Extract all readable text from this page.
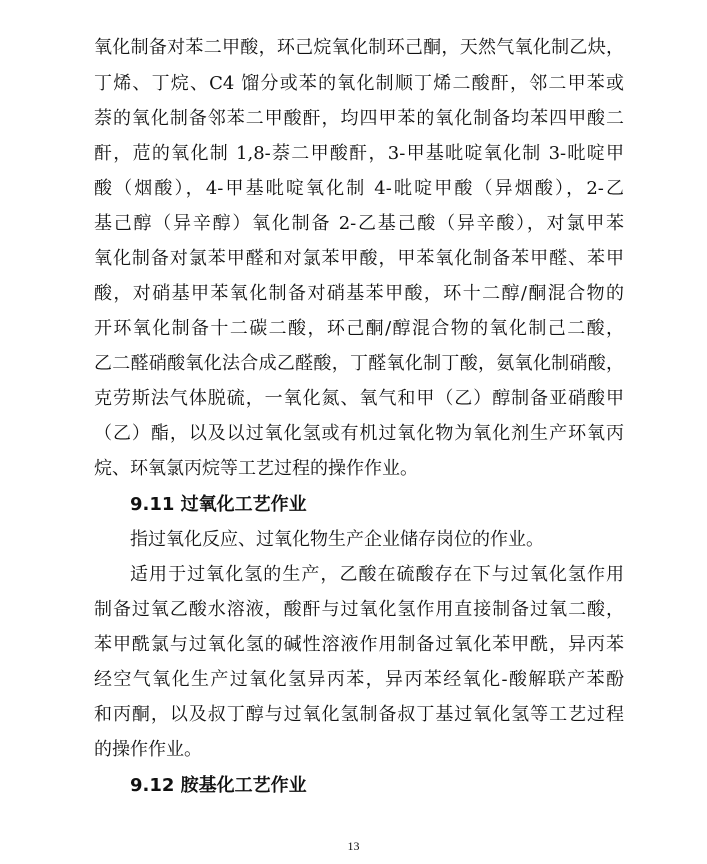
氧化制备对苯二甲酸，环己烷氧化制环己酮，天然气氧化制乙炔，
丁烯、丁烷、C4 馏分或苯的氧化制顺丁烯二酸酐，邻二甲苯或
萘的氧化制备邻苯二甲酸酐，均四甲苯的氧化制备均苯四甲酸二
酐，苊的氧化制 1,8-萘二甲酸酐，3-甲基吡啶氧化制 3-吡啶甲
酸（烟酸），4-甲基吡啶氧化制 4-吡啶甲酸（异烟酸），2-乙
基己醇（异辛醇）氧化制备 2-乙基己酸（异辛酸），对氯甲苯
氧化制备对氯苯甲醛和对氯苯甲酸，甲苯氧化制备苯甲醛、苯甲
酸，对硝基甲苯氧化制备对硝基苯甲酸，环十二醇/酮混合物的
开环氧化制备十二碳二酸，环己酮/醇混合物的氧化制己二酸，
乙二醛硝酸氧化法合成乙醛酸，丁醛氧化制丁酸，氨氧化制硝酸，
克劳斯法气体脱硫，一氧化氮、氧气和甲（乙）醇制备亚硝酸甲
（乙）酯，以及以过氧化氢或有机过氧化物为氧化剂生产环氧丙
烷、环氧氯丙烷等工艺过程的操作作业。
9.11 过氧化工艺作业
指过氧化反应、过氧化物生产企业储存岗位的作业。
适用于过氧化氢的生产，乙酸在硫酸存在下与过氧化氢作用
制备过氧乙酸水溶液，酸酐与过氧化氢作用直接制备过氧二酸，
苯甲酰氯与过氧化氢的碱性溶液作用制备过氧化苯甲酰，异丙苯
经空气氧化生产过氧化氢异丙苯，异丙苯经氧化-酸解联产苯酚
和丙酮，以及叔丁醇与过氧化氢制备叔丁基过氧化氢等工艺过程
的操作作业。
9.12 胺基化工艺作业
13
